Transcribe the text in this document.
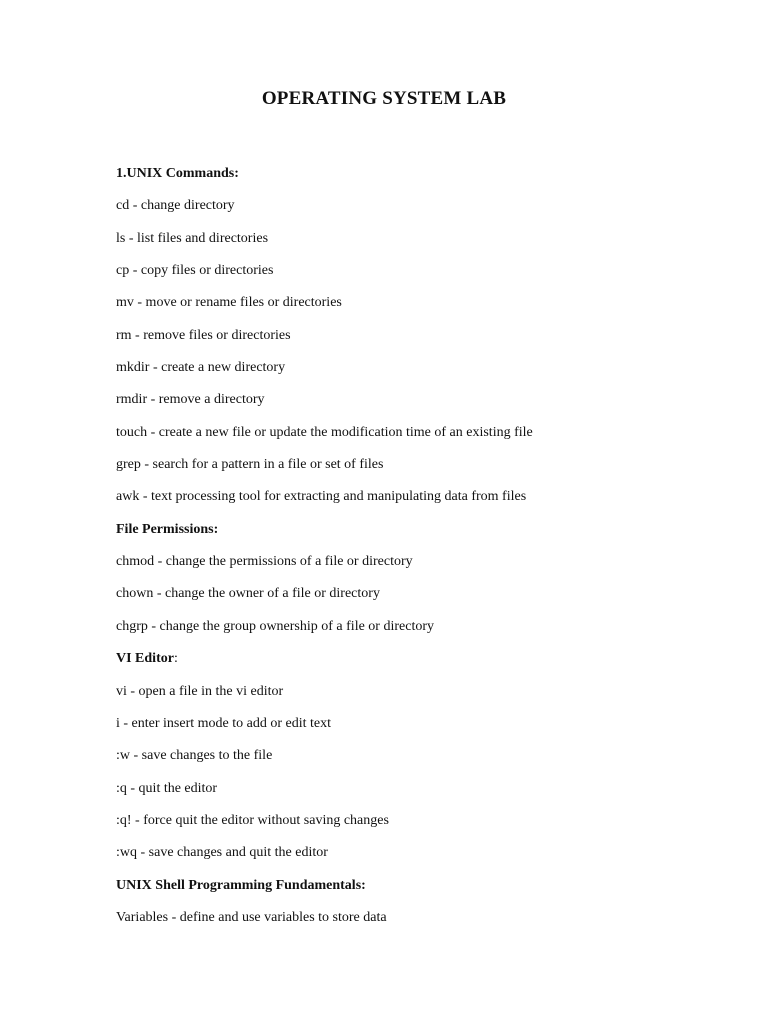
OPERATING SYSTEM LAB
1.UNIX Commands:
cd - change directory
ls - list files and directories
cp - copy files or directories
mv - move or rename files or directories
rm - remove files or directories
mkdir - create a new directory
rmdir - remove a directory
touch - create a new file or update the modification time of an existing file
grep - search for a pattern in a file or set of files
awk - text processing tool for extracting and manipulating data from files
File Permissions:
chmod - change the permissions of a file or directory
chown - change the owner of a file or directory
chgrp - change the group ownership of a file or directory
VI Editor:
vi - open a file in the vi editor
i - enter insert mode to add or edit text
:w - save changes to the file
:q - quit the editor
:q! - force quit the editor without saving changes
:wq - save changes and quit the editor
UNIX Shell Programming Fundamentals:
Variables - define and use variables to store data
